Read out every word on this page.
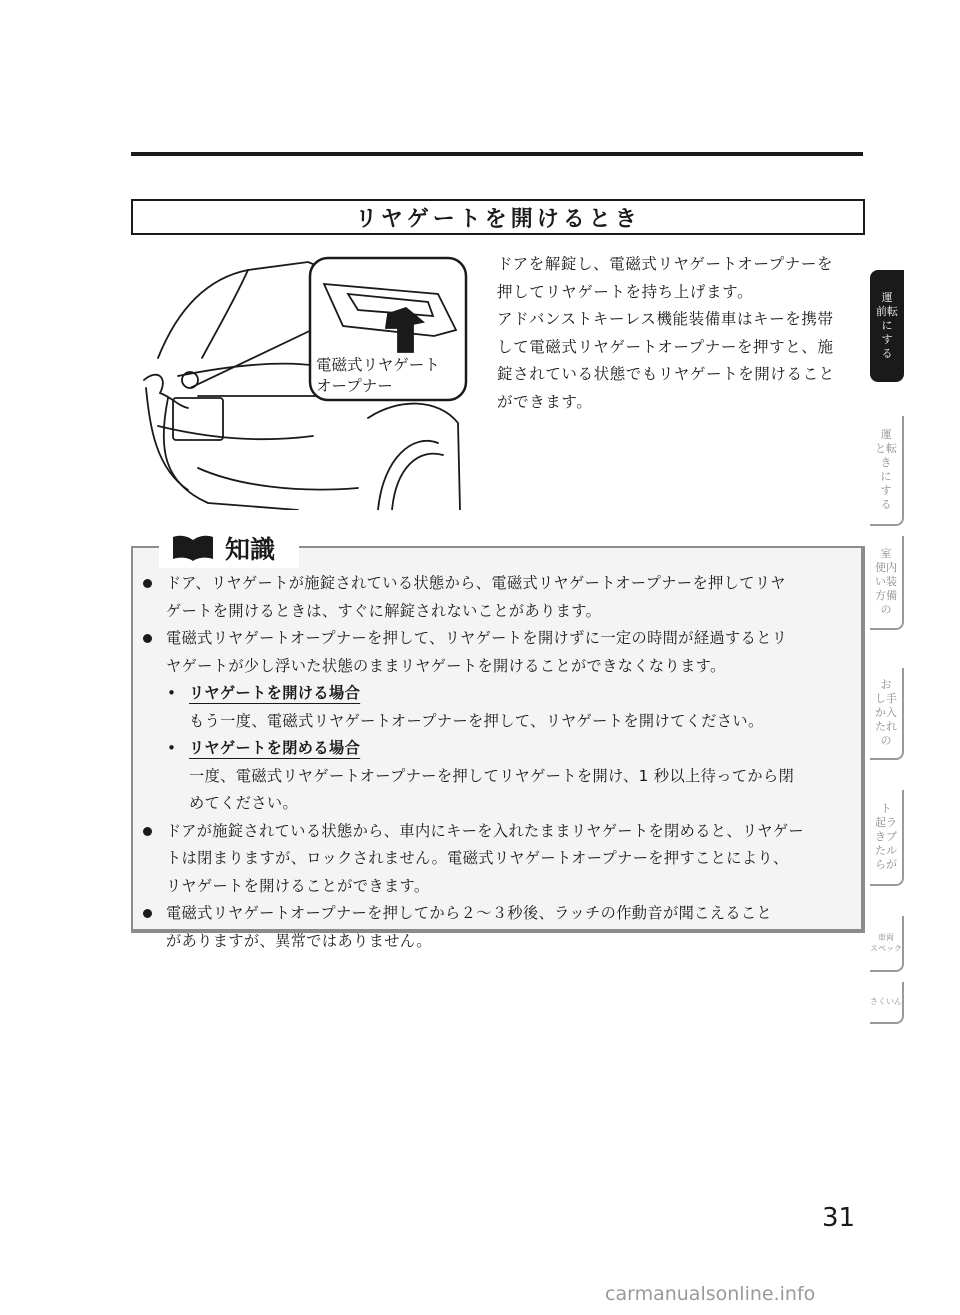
リヤゲートを開けるとき
電磁式リヤゲート
オープナー

ドアを解錠し、電磁式リヤゲートオープナーを

押してリヤゲートを持ち上げます。

アドバンストキーレス機能装備車はキーを携帯

して電磁式リヤゲートオープナーを押すと、施

錠されている状態でもリヤゲートを開けること

ができます。

知識
ドア、リヤゲートが施錠されている状態から、電磁式リヤゲートオープナーを押してリヤ
ゲートを開けるときは、すぐに解錠されないことがあります。
電磁式リヤゲートオープナーを押して、リヤゲートを開けずに一定の時間が経過するとリ
ヤゲートが少し浮いた状態のままリヤゲートを開けることができなくなります。
• リヤゲートを開ける場合
もう一度、電磁式リヤゲートオープナーを押して、リヤゲートを開けてください。
• リヤゲートを閉める場合
一度、電磁式リヤゲートオープナーを押してリヤゲートを開け、1 秒以上待ってから閉
めてください。
ドアが施錠されている状態から、車内にキーを入れたままリヤゲートを閉めると、リヤゲー
トは閉まりますが、ロックされません。電磁式リヤゲートオープナーを押すことにより、
リヤゲートを開けることができます。
電磁式リヤゲートオープナーを押してから２～３秒後、ラッチの作動音が聞こえること
がありますが、異常ではありません。
運
前転
に
す
る
運
と転
き
に
す
る
室
使内
い装
方備
の
お
し手
か入
たれ
の
ト
起ラ
きブ
たル
らが
車両
スペック
さくいん
31
carmanualsonline.info
